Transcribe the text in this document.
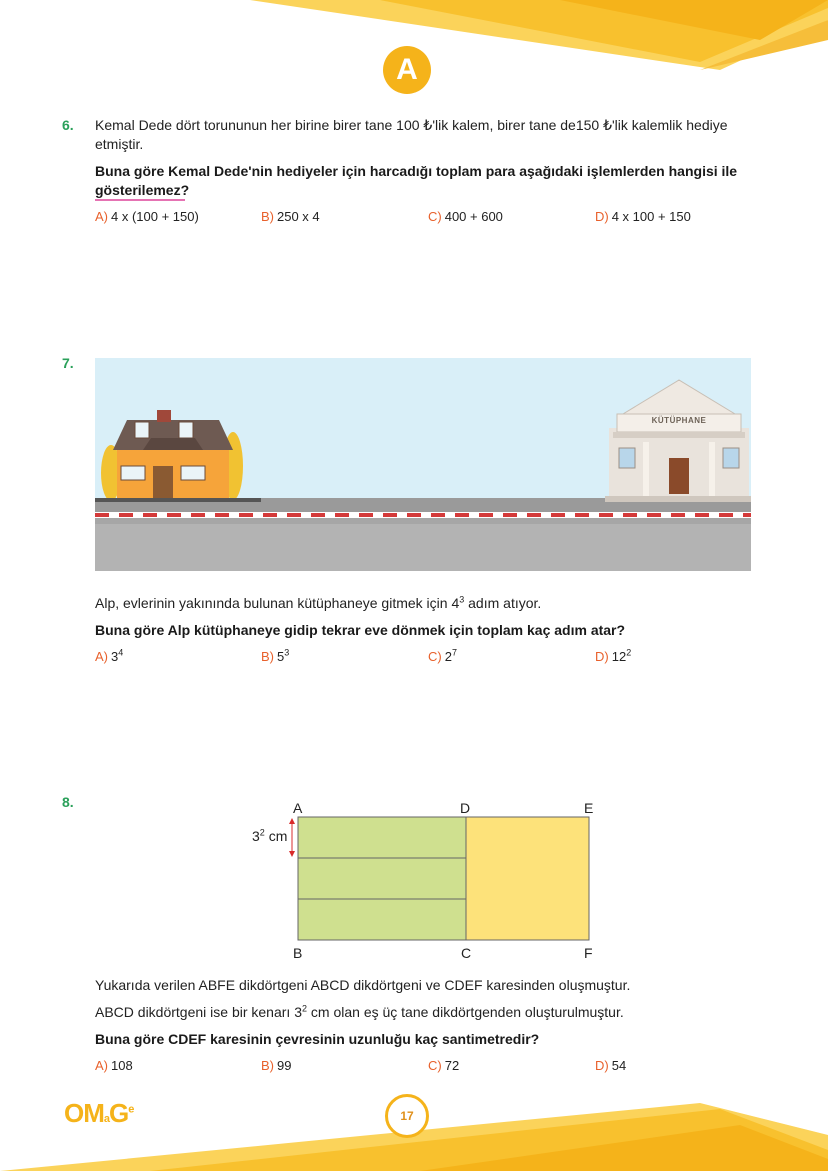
A
6. Kemal Dede dört torununun her birine birer tane 100 ₺'lik kalem, birer tane de150 ₺'lik kalemlik hediye etmiştir.
Buna göre Kemal Dede'nin hediyeler için harcadığı toplam para aşağıdaki işlemlerden hangisi ile gösterilemez?
A) 4 x (100 + 150)	B) 250 x 4	C) 400 + 600	D) 4 x 100 + 150
7.
KÜTÜPHANE
Alp, evlerinin yakınında bulunan kütüphaneye gitmek için $4^3$ adım atıyor.
Buna göre Alp kütüphaneye gidip tekrar eve dönmek için toplam kaç adım atar?
A) $3^4$	B) $5^3$	C) $2^7$	D) $12^2$
8.	A	D	E
B	C	F
$3^2$ cm
Yukarıda verilen ABFE dikdörtgeni ABCD dikdörtgeni ve CDEF karesinden oluşmuştur.
ABCD dikdörtgeni ise bir kenarı $3^2$ cm olan eş üç tane dikdörtgenden oluşturulmuştur.
Buna göre CDEF karesinin çevresinin uzunluğu kaç santimetredir?
A) 108	B) 99	C) 72	D) 54
OMaG$^e$	17
